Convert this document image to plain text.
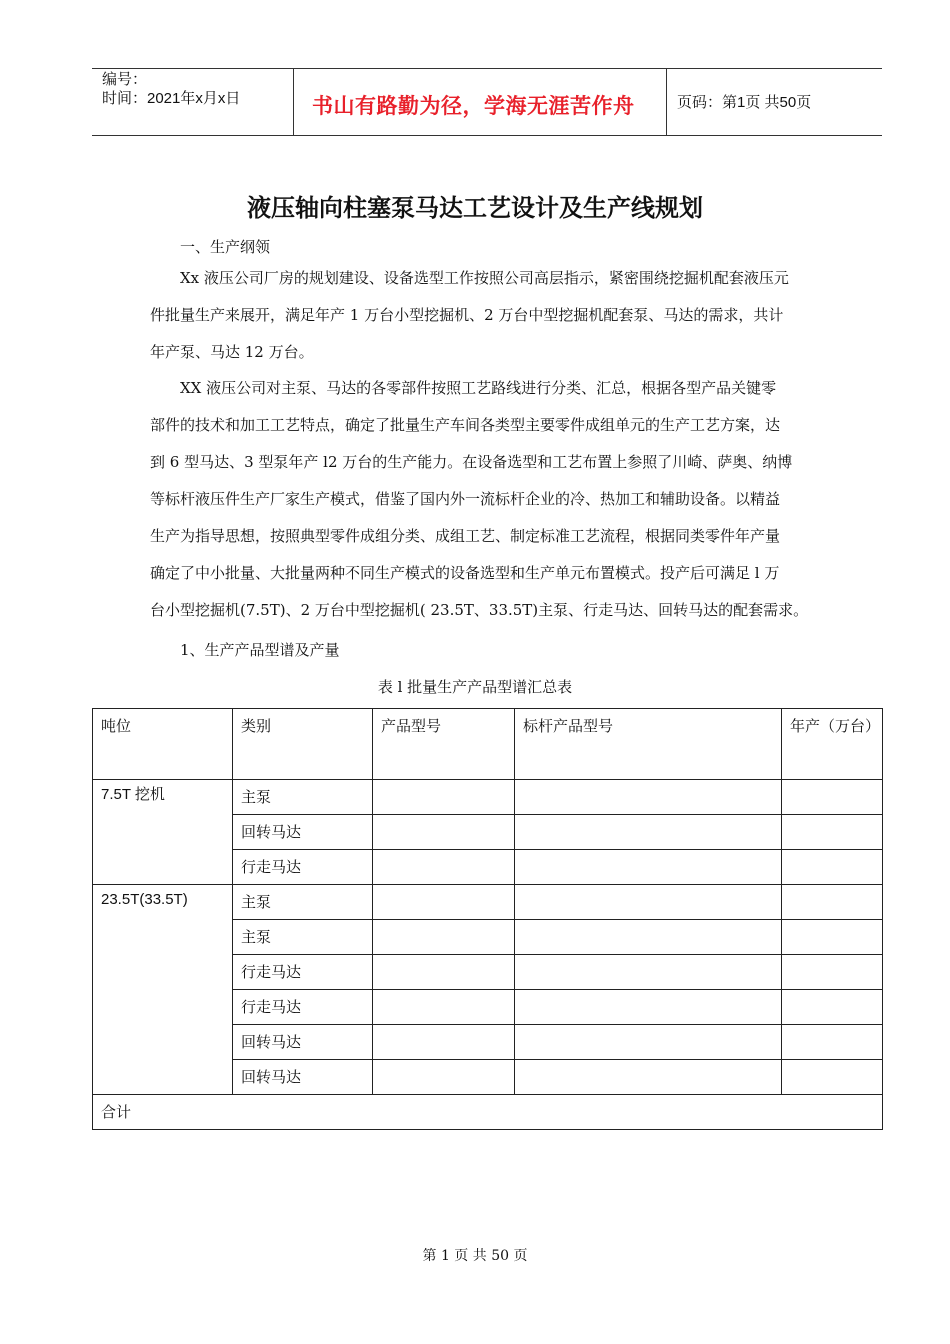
编号：
时间：2021年x月x日	书山有路勤为径，学海无涯苦作舟	页码：第1页 共50页
液压轴向柱塞泵马达工艺设计及生产线规划
一、生产纲领
Xx 液压公司厂房的规划建设、设备选型工作按照公司高层指示，紧密围绕挖掘机配套液压元
件批量生产来展开，满足年产 1 万台小型挖掘机、2 万台中型挖掘机配套泵、马达的需求，共计
年产泵、马达 12 万台。
XX 液压公司对主泵、马达的各零部件按照工艺路线进行分类、汇总，根据各型产品关键零
部件的技术和加工工艺特点，确定了批量生产车间各类型主要零件成组单元的生产工艺方案，达
到 6 型马达、3 型泵年产 l2 万台的生产能力。在设备选型和工艺布置上参照了川崎、萨奥、纳博
等标杆液压件生产厂家生产模式，借鉴了国内外一流标杆企业的冷、热加工和辅助设备。以精益
生产为指导思想，按照典型零件成组分类、成组工艺、制定标准工艺流程，根据同类零件年产量
确定了中小批量、大批量两种不同生产模式的设备选型和生产单元布置模式。投产后可满足 l 万
台小型挖掘机(7.5T)、2 万台中型挖掘机( 23.5T、33.5T)主泵、行走马达、回转马达的配套需求。
1、生产产品型谱及产量
表 l 批量生产产品型谱汇总表
吨位	类别	产品型号	标杆产品型号	年产（万台）
7.5T 挖机	主泵			
	回转马达			
	行走马达			
23.5T(33.5T)	主泵			
	主泵			
	行走马达			
	行走马达			
	回转马达			
	回转马达			
合计				
第 1 页 共 50 页
